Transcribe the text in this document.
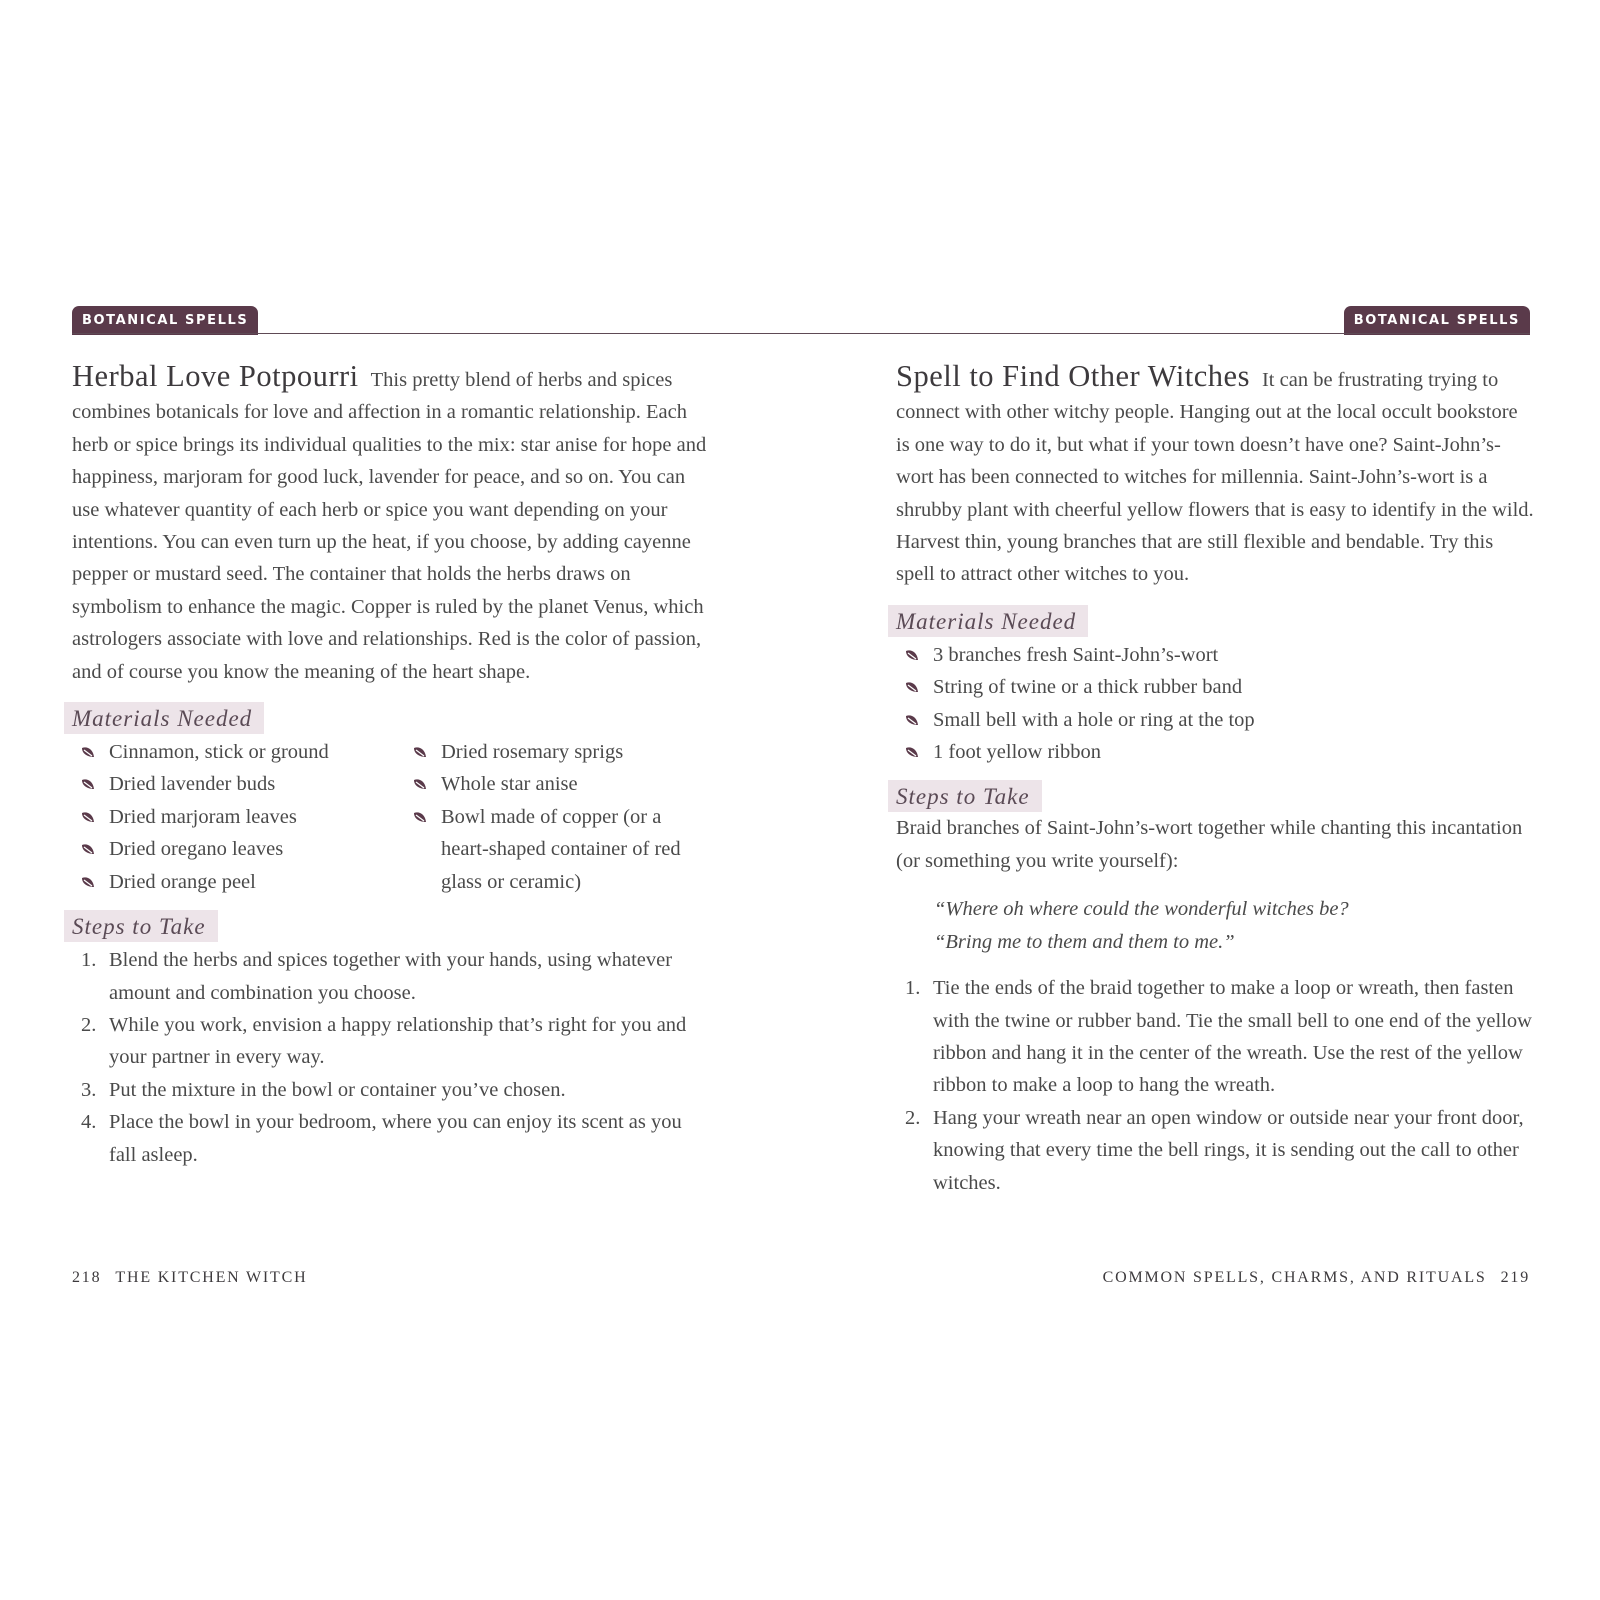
BOTANICAL SPELLS	BOTANICAL SPELLS

Herbal Love Potpourri This pretty blend of herbs and spices combines botanicals for love and affection in a romantic relationship. Each herb or spice brings its individual qualities to the mix: star anise for hope and happiness, marjoram for good luck, lavender for peace, and so on. You can use whatever quantity of each herb or spice you want depending on your intentions. You can even turn up the heat, if you choose, by adding cayenne pepper or mustard seed. The container that holds the herbs draws on symbolism to enhance the magic. Copper is ruled by the planet Venus, which astrologers associate with love and relationships. Red is the color of passion, and of course you know the meaning of the heart shape.

Materials Needed
Cinnamon, stick or ground
Dried lavender buds
Dried marjoram leaves
Dried oregano leaves
Dried orange peel
Dried rosemary sprigs
Whole star anise
Bowl made of copper (or a heart-shaped container of red glass or ceramic)
Steps to Take
1. Blend the herbs and spices together with your hands, using whatever amount and combination you choose.
2. While you work, envision a happy relationship that’s right for you and your partner in every way.
3. Put the mixture in the bowl or container you’ve chosen.
4. Place the bowl in your bedroom, where you can enjoy its scent as you fall asleep.

Spell to Find Other Witches It can be frustrating trying to connect with other witchy people. Hanging out at the local occult bookstore is one way to do it, but what if your town doesn’t have one? Saint-John’s-wort has been connected to witches for millennia. Saint-John’s-wort is a shrubby plant with cheerful yellow flowers that is easy to identify in the wild. Harvest thin, young branches that are still flexible and bendable. Try this spell to attract other witches to you.

Materials Needed
3 branches fresh Saint-John’s-wort
String of twine or a thick rubber band
Small bell with a hole or ring at the top
1 foot yellow ribbon
Steps to Take

Braid branches of Saint-John’s-wort together while chanting this incantation (or something you write yourself):

“Where oh where could the wonderful witches be?
“Bring me to them and them to me.”
1. Tie the ends of the braid together to make a loop or wreath, then fasten with the twine or rubber band. Tie the small bell to one end of the yellow ribbon and hang it in the center of the wreath. Use the rest of the yellow ribbon to make a loop to hang the wreath.
2. Hang your wreath near an open window or outside near your front door, knowing that every time the bell rings, it is sending out the call to other witches.
218 THE KITCHEN WITCH	COMMON SPELLS, CHARMS, AND RITUALS 219
